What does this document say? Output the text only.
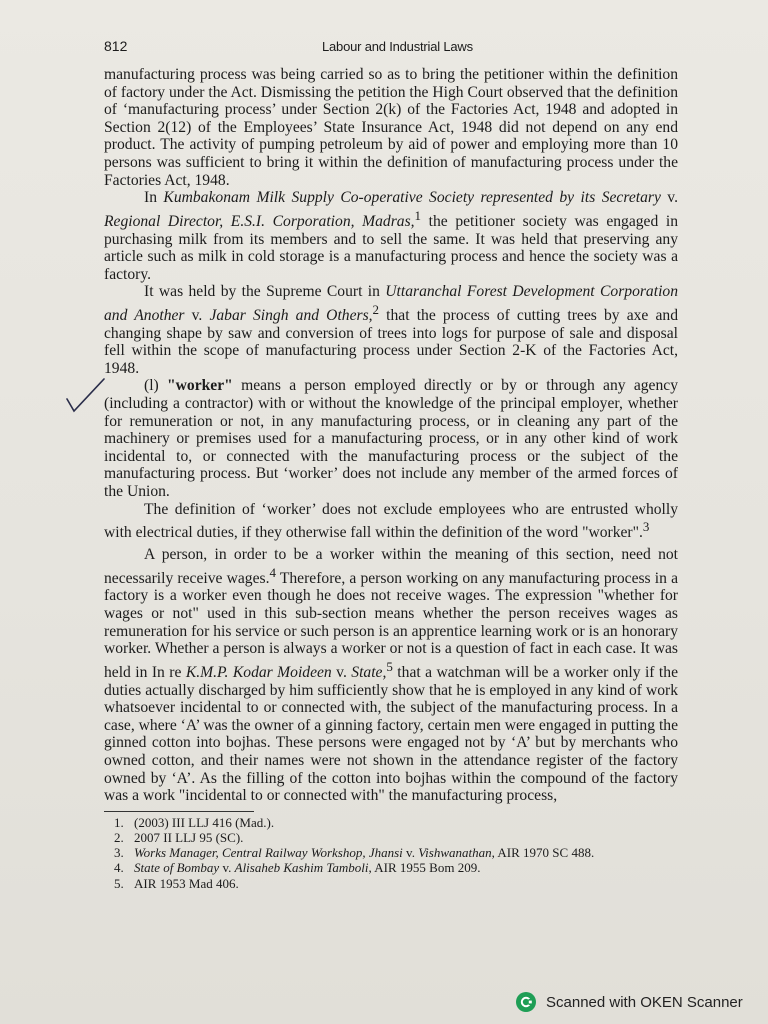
812	Labour and Industrial Laws

manufacturing process was being carried so as to bring the petitioner within the definition of factory under the Act. Dismissing the petition the High Court observed that the definition of ‘manufacturing process’ under Section 2(k) of the Factories Act, 1948 and adopted in Section 2(12) of the Employees’ State Insurance Act, 1948 did not depend on any end product. The activity of pumping petroleum by aid of power and employing more than 10 persons was sufficient to bring it within the definition of manufacturing process under the Factories Act, 1948.

In Kumbakonam Milk Supply Co-operative Society represented by its Secretary v. Regional Director, E.S.I. Corporation, Madras,$^1$ the petitioner society was engaged in purchasing milk from its members and to sell the same. It was held that preserving any article such as milk in cold storage is a manufacturing process and hence the society was a factory.

It was held by the Supreme Court in Uttaranchal Forest Development Corporation and Another v. Jabar Singh and Others,$^2$ that the process of cutting trees by axe and changing shape by saw and conversion of trees into logs for purpose of sale and disposal fell within the scope of manufacturing process under Section 2-K of the Factories Act, 1948.

(l) "worker" means a person employed directly or by or through any agency (including a contractor) with or without the knowledge of the principal employer, whether for remuneration or not, in any manufacturing process, or in cleaning any part of the machinery or premises used for a manufacturing process, or in any other kind of work incidental to, or connected with the manufacturing process or the subject of the manufacturing process. But ‘worker’ does not include any member of the armed forces of the Union.

The definition of ‘worker’ does not exclude employees who are entrusted wholly with electrical duties, if they otherwise fall within the definition of the word "worker".$^3$

A person, in order to be a worker within the meaning of this section, need not necessarily receive wages.$^4$ Therefore, a person working on any manufacturing process in a factory is a worker even though he does not receive wages. The expression "whether for wages or not" used in this sub-section means whether the person receives wages as remuneration for his service or such person is an apprentice learning work or is an honorary worker. Whether a person is always a worker or not is a question of fact in each case. It was held in In re K.M.P. Kodar Moideen v. State,$^5$ that a watchman will be a worker only if the duties actually discharged by him sufficiently show that he is employed in any kind of work whatsoever incidental to or connected with, the subject of the manufacturing process. In a case, where ‘A’ was the owner of a ginning factory, certain men were engaged in putting the ginned cotton into bojhas. These persons were engaged not by ‘A’ but by merchants who owned cotton, and their names were not shown in the attendance register of the factory owned by ‘A’. As the filling of the cotton into bojhas within the compound of the factory was a work "incidental to or connected with" the manufacturing process,

1. (2003) III LLJ 416 (Mad.).
2. 2007 II LLJ 95 (SC).
3. Works Manager, Central Railway Workshop, Jhansi v. Vishwanathan, AIR 1970 SC 488.
4. State of Bombay v. Alisaheb Kashim Tamboli, AIR 1955 Bom 209.
5. AIR 1953 Mad 406.
Scanned with OKEN Scanner
